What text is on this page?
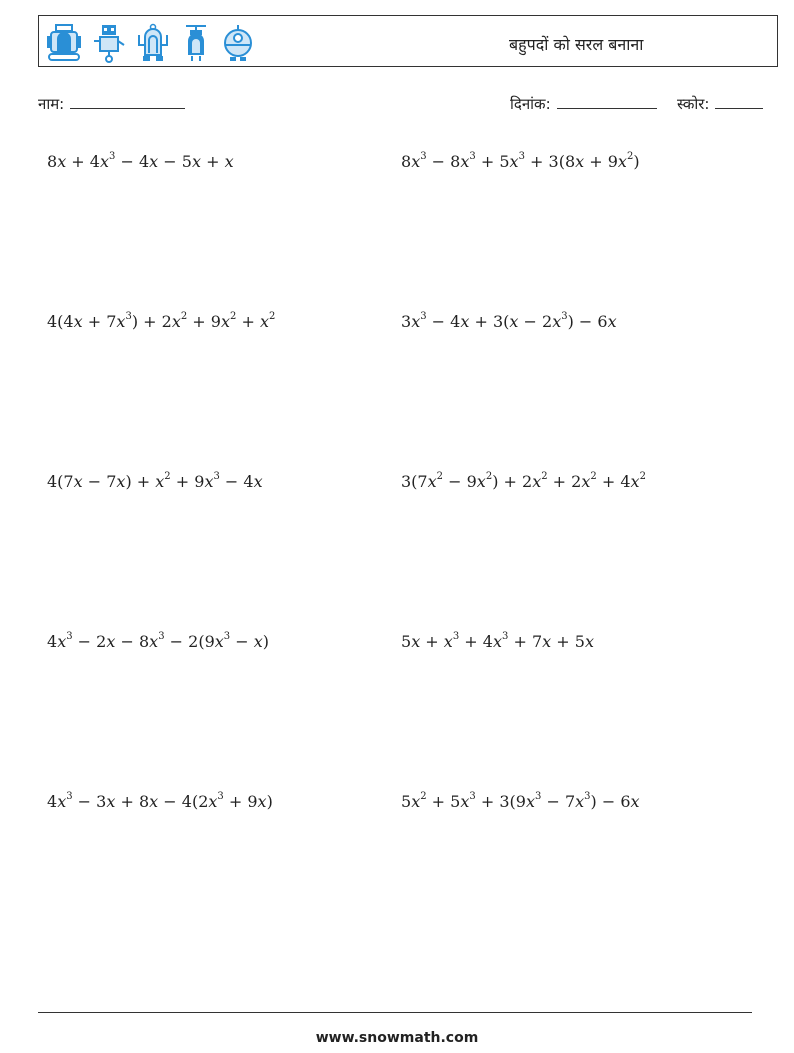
बहुपदों को सरल बनाना
नाम:	दिनांक:	स्कोर:
$8x + 4x^3 - 4x - 5x + x$	$8x^3 - 8x^3 + 5x^3 + 3(8x + 9x^2)$
$4(4x + 7x^3) + 2x^2 + 9x^2 + x^2$	$3x^3 - 4x + 3(x - 2x^3) - 6x$
$4(7x - 7x) + x^2 + 9x^3 - 4x$	$3(7x^2 - 9x^2) + 2x^2 + 2x^2 + 4x^2$
$4x^3 - 2x - 8x^3 - 2(9x^3 - x)$	$5x + x^3 + 4x^3 + 7x + 5x$
$4x^3 - 3x + 8x - 4(2x^3 + 9x)$	$5x^2 + 5x^3 + 3(9x^3 - 7x^3) - 6x$
www.snowmath.com
